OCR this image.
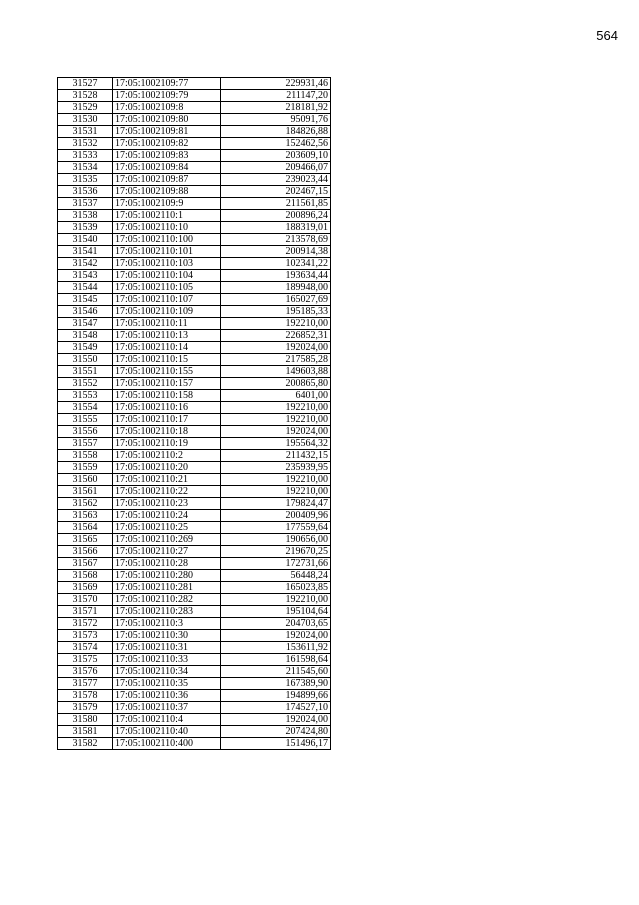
564
31527	17:05:1002109:77	229931,46
31528	17:05:1002109:79	211147,20
31529	17:05:1002109:8	218181,92
31530	17:05:1002109:80	95091,76
31531	17:05:1002109:81	184826,88
31532	17:05:1002109:82	152462,56
31533	17:05:1002109:83	203609,10
31534	17:05:1002109:84	209466,07
31535	17:05:1002109:87	239023,44
31536	17:05:1002109:88	202467,15
31537	17:05:1002109:9	211561,85
31538	17:05:1002110:1	200896,24
31539	17:05:1002110:10	188319,01
31540	17:05:1002110:100	213578,69
31541	17:05:1002110:101	200914,38
31542	17:05:1002110:103	102341,22
31543	17:05:1002110:104	193634,44
31544	17:05:1002110:105	189948,00
31545	17:05:1002110:107	165027,69
31546	17:05:1002110:109	195185,33
31547	17:05:1002110:11	192210,00
31548	17:05:1002110:13	226852,31
31549	17:05:1002110:14	192024,00
31550	17:05:1002110:15	217585,28
31551	17:05:1002110:155	149603,88
31552	17:05:1002110:157	200865,80
31553	17:05:1002110:158	6401,00
31554	17:05:1002110:16	192210,00
31555	17:05:1002110:17	192210,00
31556	17:05:1002110:18	192024,00
31557	17:05:1002110:19	195564,32
31558	17:05:1002110:2	211432,15
31559	17:05:1002110:20	235939,95
31560	17:05:1002110:21	192210,00
31561	17:05:1002110:22	192210,00
31562	17:05:1002110:23	179824,47
31563	17:05:1002110:24	200409,96
31564	17:05:1002110:25	177559,64
31565	17:05:1002110:269	190656,00
31566	17:05:1002110:27	219670,25
31567	17:05:1002110:28	172731,66
31568	17:05:1002110:280	56448,24
31569	17:05:1002110:281	165023,85
31570	17:05:1002110:282	192210,00
31571	17:05:1002110:283	195104,64
31572	17:05:1002110:3	204703,65
31573	17:05:1002110:30	192024,00
31574	17:05:1002110:31	153611,92
31575	17:05:1002110:33	161598,64
31576	17:05:1002110:34	211545,60
31577	17:05:1002110:35	167389,90
31578	17:05:1002110:36	194899,66
31579	17:05:1002110:37	174527,10
31580	17:05:1002110:4	192024,00
31581	17:05:1002110:40	207424,80
31582	17:05:1002110:400	151496,17
